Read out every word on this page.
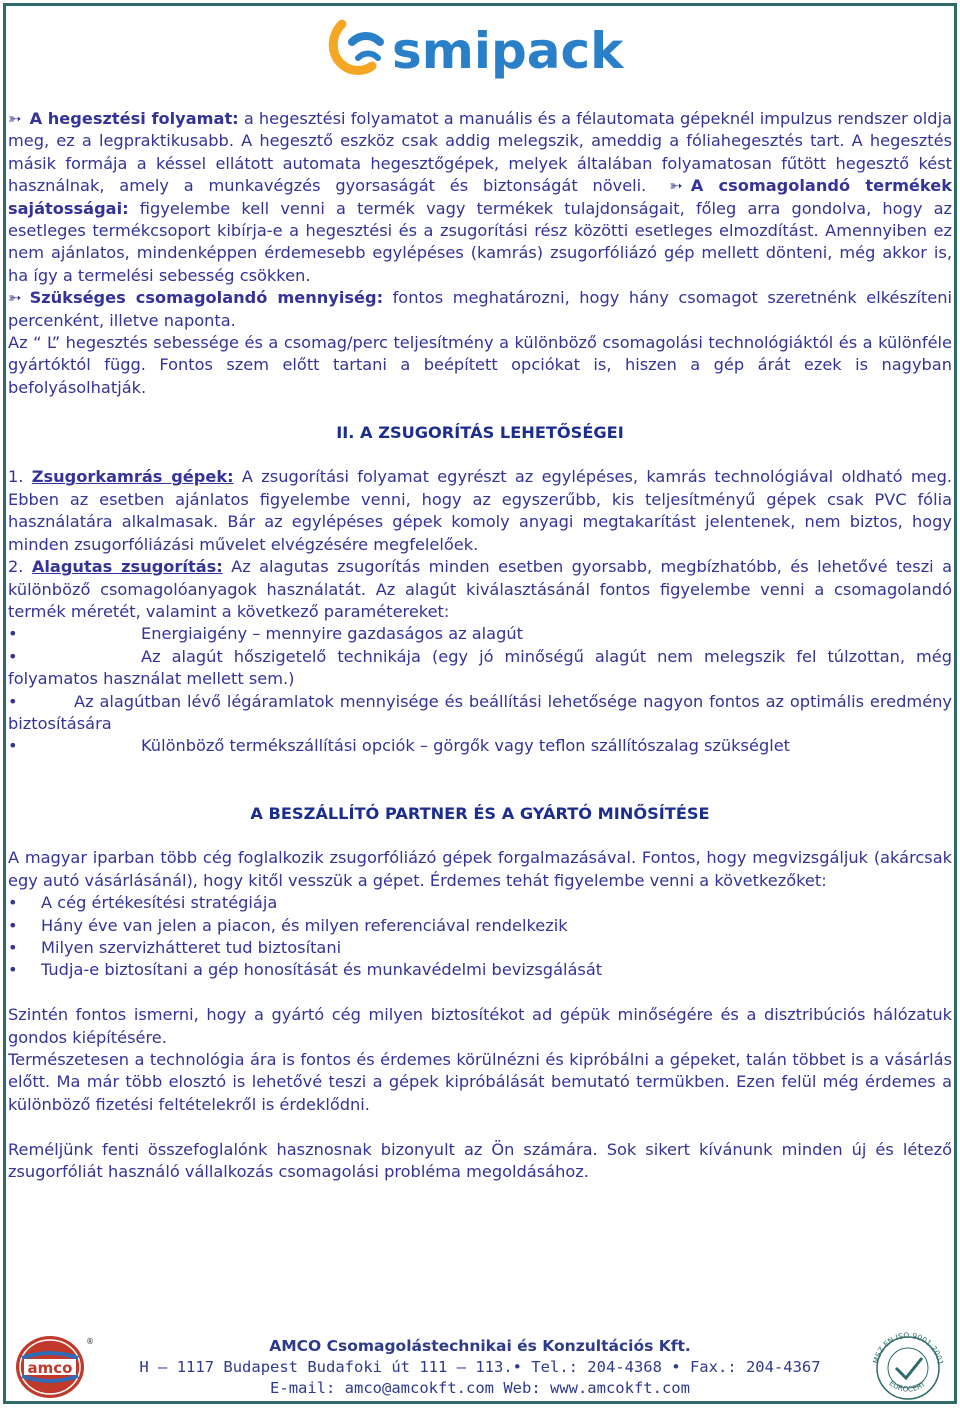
smipack

➳ A hegesztési folyamat: a hegesztési folyamatot a manuális és a félautomata gépeknél impulzus rendszer oldja meg, ez a legpraktikusabb. A hegesztő eszköz csak addig melegszik, ameddig a fóliahegesztés tart. A hegesztés másik formája a késsel ellátott automata hegesztőgépek, melyek általában folyamatosan fűtött hegesztő kést használnak, amely a munkavégzés gyorsaságát és biztonságát növeli. ➳ A csomagolandó termékek sajátosságai: figyelembe kell venni a termék vagy termékek tulajdonságait, főleg arra gondolva, hogy az esetleges termékcsoport kibírja-e a hegesztési és a zsugorítási rész közötti esetleges elmozdítást. Amennyiben ez nem ajánlatos, mindenképpen érdemesebb egylépéses (kamrás) zsugorfóliázó gép mellett dönteni, még akkor is, ha így a termelési sebesség csökken.

➳ Szükséges csomagolandó mennyiség: fontos meghatározni, hogy hány csomagot szeretnénk elkészíteni percenként, illetve naponta.

Az “ L” hegesztés sebessége és a csomag/perc teljesítmény a különböző csomagolási technológiáktól és a különféle gyártóktól függ. Fontos szem előtt tartani a beépített opciókat is, hiszen a gép árát ezek is nagyban befolyásolhatják.

II. A ZSUGORÍTÁS LEHETŐSÉGEI

1. Zsugorkamrás gépek: A zsugorítási folyamat egyrészt az egylépéses, kamrás technológiával oldható meg. Ebben az esetben ajánlatos figyelembe venni, hogy az egyszerűbb, kis teljesítményű gépek csak PVC fólia használatára alkalmasak. Bár az egylépéses gépek komoly anyagi megtakarítást jelentenek, nem biztos, hogy minden zsugorfóliázási művelet elvégzésére megfelelőek.

2. Alagutas zsugorítás: Az alagutas zsugorítás minden esetben gyorsabb, megbízhatóbb, és lehetővé teszi a különböző csomagolóanyagok használatát. Az alagút kiválasztásánál fontos figyelembe venni a csomagolandó termék méretét, valamint a következő paramétereket:

•	Energiaigény – mennyire gazdaságos az alagút
•	Az alagút hőszigetelő technikája (egy jó minőségű alagút nem melegszik fel túlzottan, még folyamatos használat mellett sem.)
•	Az alagútban lévő légáramlatok mennyisége és beállítási lehetősége nagyon fontos az optimális eredmény biztosítására
•	Különböző termékszállítási opciók – görgők vagy teflon szállítószalag szükséglet

A BESZÁLLÍTÓ PARTNER ÉS A GYÁRTÓ MINŐSÍTÉSE

A magyar iparban több cég foglalkozik zsugorfóliázó gépek forgalmazásával. Fontos, hogy megvizsgáljuk (akárcsak egy autó vásárlásánál), hogy kitől vesszük a gépet. Érdemes tehát figyelembe venni a következőket:

•	A cég értékesítési stratégiája
•	Hány éve van jelen a piacon, és milyen referenciával rendelkezik
•	Milyen szervizhátteret tud biztosítani
•	Tudja-e biztosítani a gép honosítását és munkavédelmi bevizsgálását

Szintén fontos ismerni, hogy a gyártó cég milyen biztosítékot ad gépük minőségére és a disztribúciós hálózatuk gondos kiépítésére.

Természetesen a technológia ára is fontos és érdemes körülnézni és kipróbálni a gépeket, talán többet is a vásárlás előtt. Ma már több elosztó is lehetővé teszi a gépek kipróbálását bemutató termükben. Ezen felül még érdemes a különböző fizetési feltételekről is érdeklődni.

Reméljünk fenti összefoglalónk hasznosnak bizonyult az Ön számára. Sok sikert kívánunk minden új és létező zsugorfóliát használó vállalkozás csomagolási probléma megoldásához.

amco
®	AMCO Csomagolástechnikai és Konzultációs Kft.
H – 1117 Budapest Budafoki út 111 – 113.• Tel.: 204-4368 • Fax.: 204-4367
E-mail: amco@amcokft.com Web: www.amcokft.com
MSZ EN ISO 9001:2001
EUROCERT
